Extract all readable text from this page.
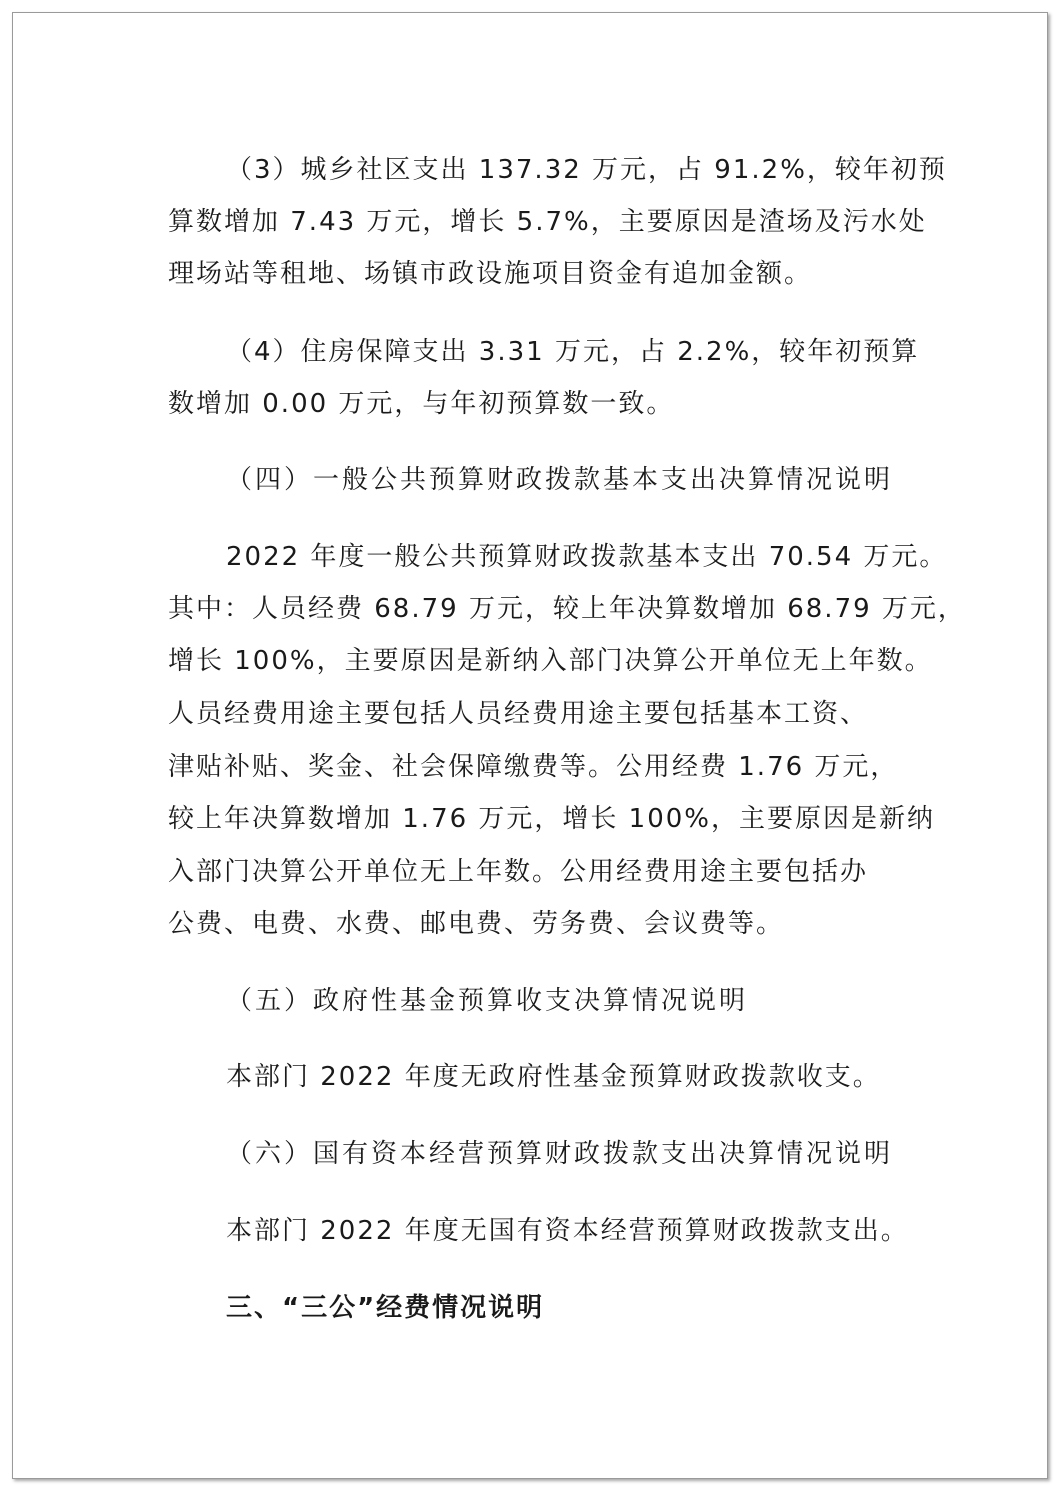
（3）城乡社区支出 137.32 万元，占 91.2%，较年初预
算数增加 7.43 万元，增长 5.7%，主要原因是渣场及污水处
理场站等租地、场镇市政设施项目资金有追加金额。
（4）住房保障支出 3.31 万元，占 2.2%，较年初预算
数增加 0.00 万元，与年初预算数一致。
（四）一般公共预算财政拨款基本支出决算情况说明
2022 年度一般公共预算财政拨款基本支出 70.54 万元。
其中：人员经费 68.79 万元，较上年决算数增加 68.79 万元，
增长 100%，主要原因是新纳入部门决算公开单位无上年数。
人员经费用途主要包括人员经费用途主要包括基本工资、
津贴补贴、奖金、社会保障缴费等。公用经费 1.76 万元，
较上年决算数增加 1.76 万元，增长 100%，主要原因是新纳
入部门决算公开单位无上年数。公用经费用途主要包括办
公费、电费、水费、邮电费、劳务费、会议费等。
（五）政府性基金预算收支决算情况说明
本部门 2022 年度无政府性基金预算财政拨款收支。
（六）国有资本经营预算财政拨款支出决算情况说明
本部门 2022 年度无国有资本经营预算财政拨款支出。
三、“三公”经费情况说明
